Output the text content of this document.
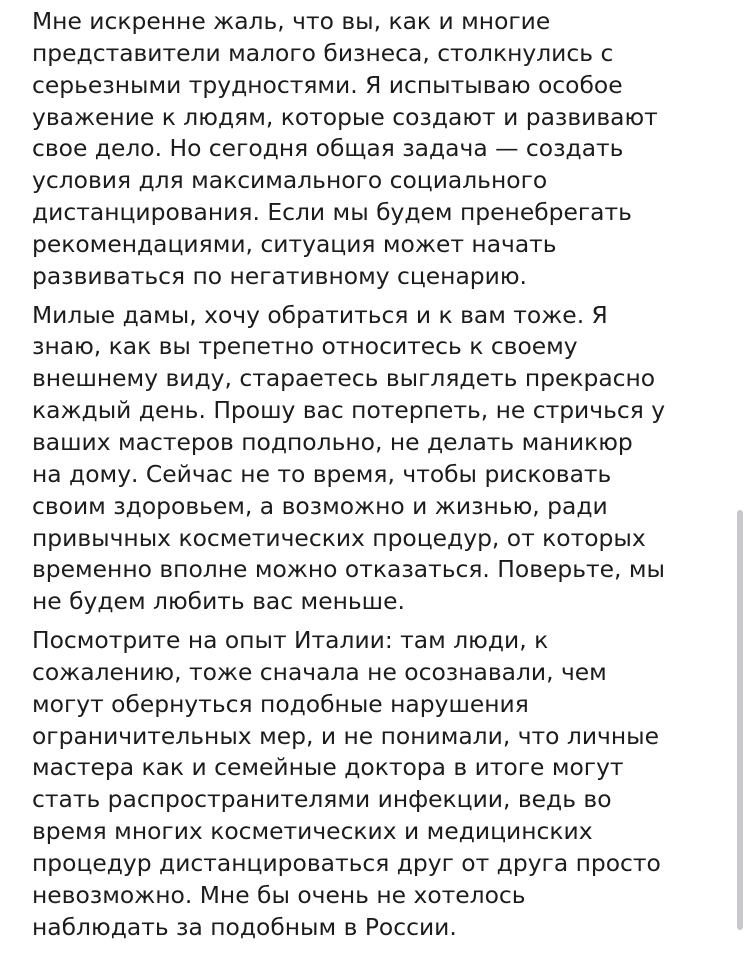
Мне искренне жаль, что вы, как и многие
представители малого бизнеса, столкнулись с
серьезными трудностями. Я испытываю особое
уважение к людям, которые создают и развивают
свое дело. Но сегодня общая задача — создать
условия для максимального социального
дистанцирования. Если мы будем пренебрегать
рекомендациями, ситуация может начать
развиваться по негативному сценарию.

Милые дамы, хочу обратиться и к вам тоже. Я
знаю, как вы трепетно относитесь к своему
внешнему виду, стараетесь выглядеть прекрасно
каждый день. Прошу вас потерпеть, не стричься у
ваших мастеров подпольно, не делать маникюр
на дому. Сейчас не то время, чтобы рисковать
своим здоровьем, а возможно и жизнью, ради
привычных косметических процедур, от которых
временно вполне можно отказаться. Поверьте, мы
не будем любить вас меньше.

Посмотрите на опыт Италии: там люди, к
сожалению, тоже сначала не осознавали, чем
могут обернуться подобные нарушения
ограничительных мер, и не понимали, что личные
мастера как и семейные доктора в итоге могут
стать распространителями инфекции, ведь во
время многих косметических и медицинских
процедур дистанцироваться друг от друга просто
невозможно. Мне бы очень не хотелось
наблюдать за подобным в России.
